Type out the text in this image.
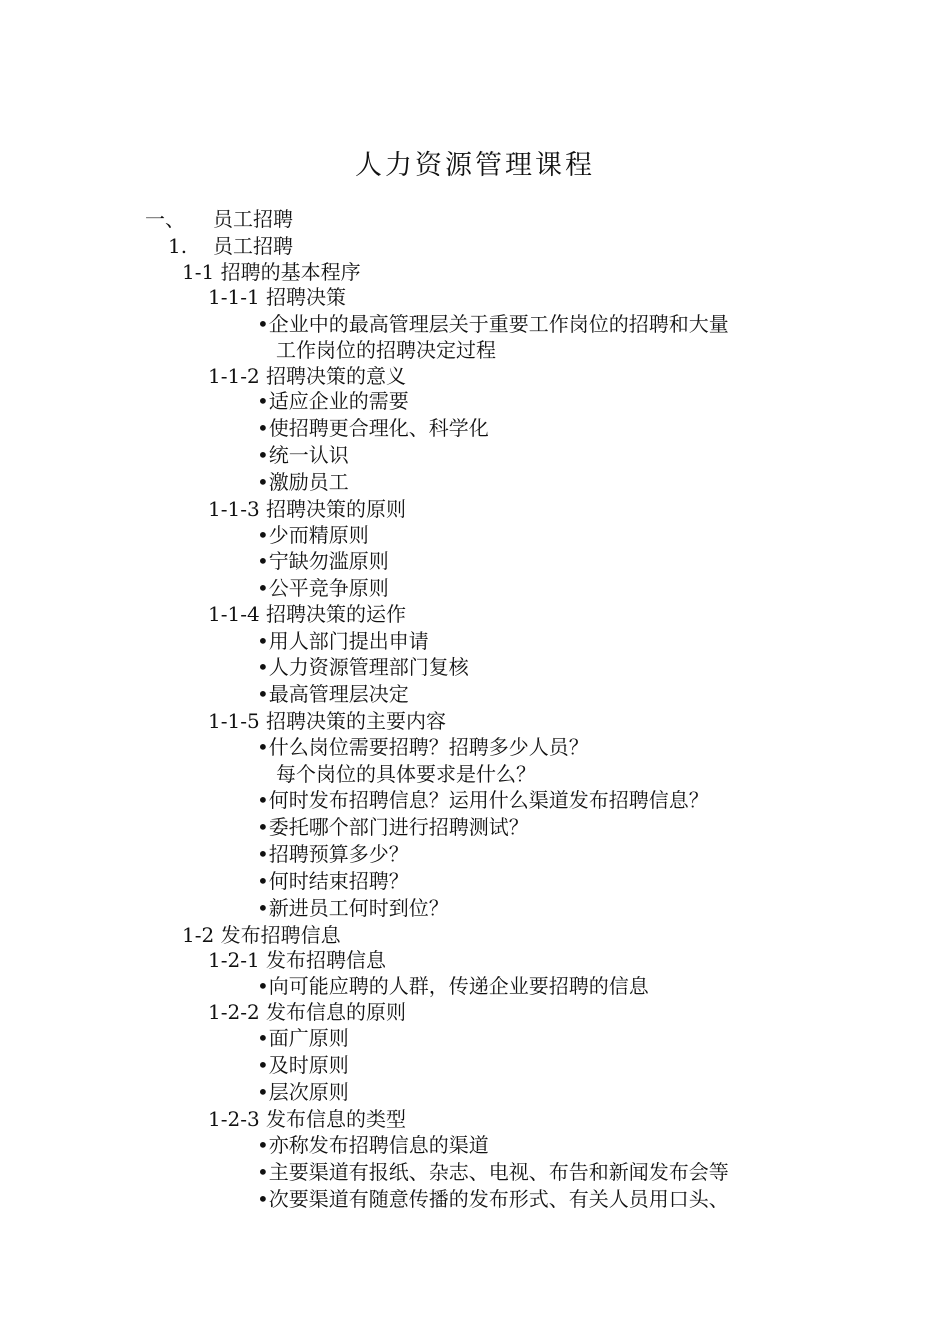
人力资源管理课程
一、 员工招聘
1. 员工招聘
1-1 招聘的基本程序
1-1-1 招聘决策
•企业中的最高管理层关于重要工作岗位的招聘和大量
工作岗位的招聘决定过程
1-1-2 招聘决策的意义
•适应企业的需要
•使招聘更合理化、科学化
•统一认识
•激励员工
1-1-3 招聘决策的原则
•少而精原则
•宁缺勿滥原则
•公平竞争原则
1-1-4 招聘决策的运作
•用人部门提出申请
•人力资源管理部门复核
•最高管理层决定
1-1-5 招聘决策的主要内容
•什么岗位需要招聘？招聘多少人员？
每个岗位的具体要求是什么？
•何时发布招聘信息？运用什么渠道发布招聘信息？
•委托哪个部门进行招聘测试？
•招聘预算多少？
•何时结束招聘？
•新进员工何时到位？
1-2 发布招聘信息
1-2-1 发布招聘信息
•向可能应聘的人群，传递企业要招聘的信息
1-2-2 发布信息的原则
•面广原则
•及时原则
•层次原则
1-2-3 发布信息的类型
•亦称发布招聘信息的渠道
•主要渠道有报纸、杂志、电视、布告和新闻发布会等
•次要渠道有随意传播的发布形式、有关人员用口头、
